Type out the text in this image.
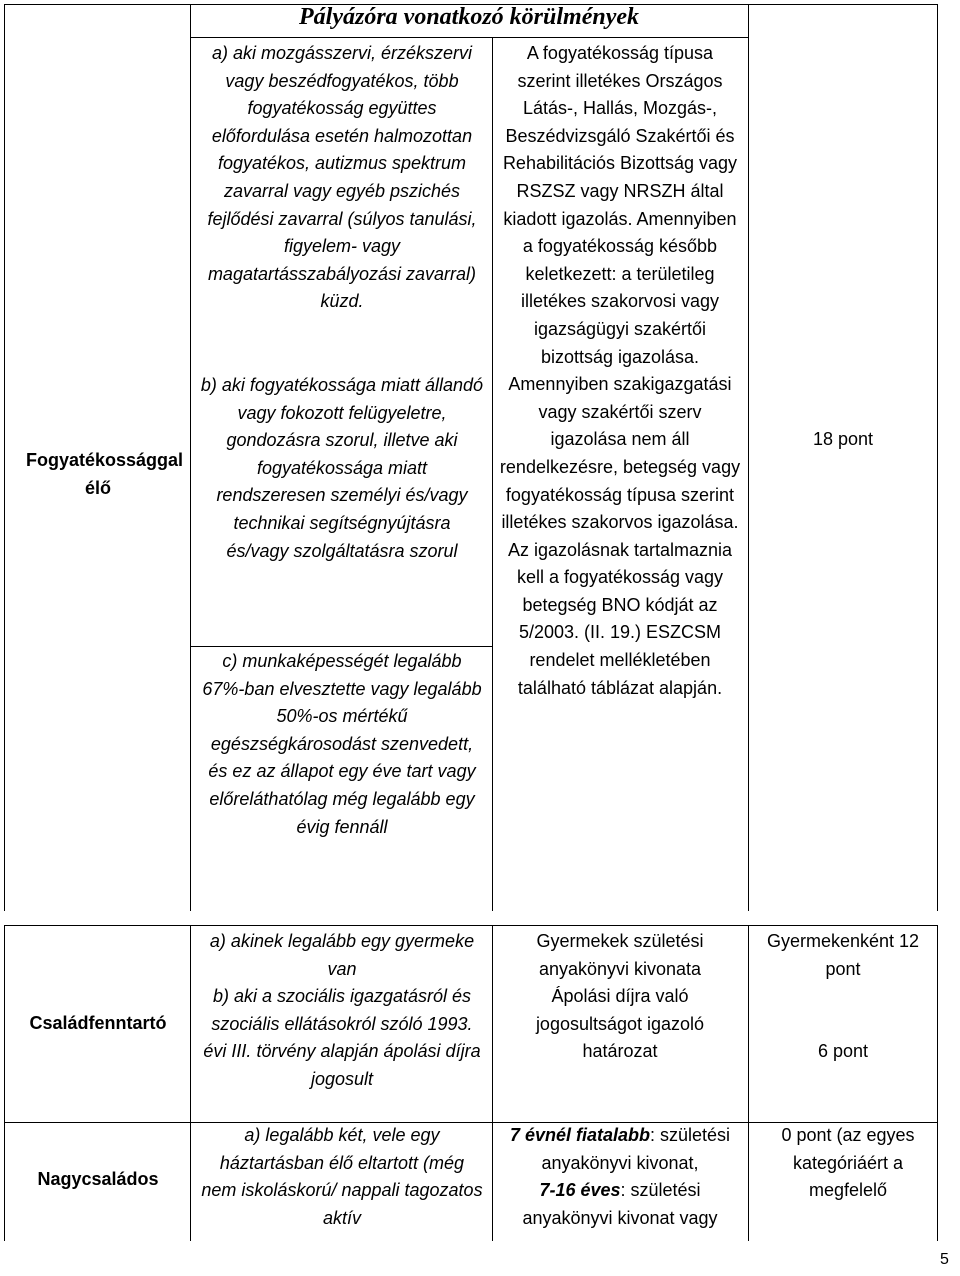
Pályázóra vonatkozó körülmények

Fogyatékossággal élő

a) aki mozgásszervi, érzékszervi vagy beszédfogyatékos, több fogyatékosság együttes előfordulása esetén halmozottan fogyatékos, autizmus spektrum zavarral vagy egyéb pszichés fejlődési zavarral (súlyos tanulási, figyelem- vagy magatartásszabályozási zavarral) küzd.
b) aki fogyatékossága miatt állandó vagy fokozott felügyeletre, gondozásra szorul, illetve aki fogyatékossága miatt rendszeresen személyi és/vagy technikai segítségnyújtásra és/vagy szolgáltatásra szorul
c) munkaképességét legalább 67%-ban elvesztette vagy legalább 50%-os mértékű egészségkárosodást szenvedett, és ez az állapot egy éve tart vagy előreláthatólag még legalább egy évig fennáll
A fogyatékosság típusa szerint illetékes Országos Látás-, Hallás, Mozgás-, Beszédvizsgáló Szakértői és Rehabilitációs Bizottság vagy RSZSZ vagy NRSZH által kiadott igazolás. Amennyiben a fogyatékosság később keletkezett: a területileg illetékes szakorvosi vagy igazságügyi szakértői bizottság igazolása. Amennyiben szakigazgatási vagy szakértői szerv igazolása nem áll rendelkezésre, betegség vagy fogyatékosság típusa szerint illetékes szakorvos igazolása. Az igazolásnak tartalmaznia kell a fogyatékosság vagy betegség BNO kódját az 5/2003. (II. 19.) ESZCSM rendelet mellékletében található táblázat alapján.

18 pont

Családfenntartó

a) akinek legalább egy gyermeke van
b) aki a szociális igazgatásról és szociális ellátásokról szóló 1993. évi III. törvény alapján ápolási díjra jogosult
Gyermekek születési anyakönyvi kivonata
Ápolási díjra való jogosultságot igazoló határozat
Gyermekenként 12 pont
6 pont

Nagycsaládos

a) legalább két, vele egy háztartásban élő eltartott (még nem iskoláskorú/ nappali tagozatos aktív
7 évnél fiatalabb: születési anyakönyvi kivonat,
7-16 éves: születési anyakönyvi kivonat vagy
0 pont (az egyes kategóriáért a megfelelő
5
